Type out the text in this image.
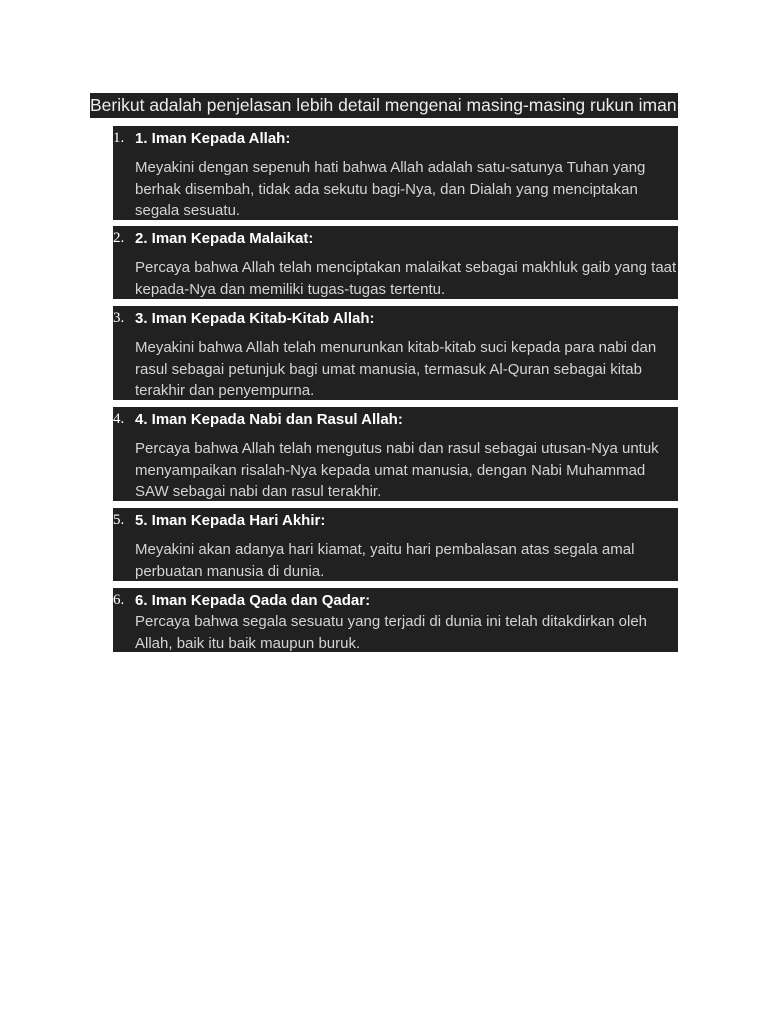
Berikut adalah penjelasan lebih detail mengenai masing-masing rukun iman:
1. 1. Iman Kepada Allah:
Meyakini dengan sepenuh hati bahwa Allah adalah satu-satunya Tuhan yang berhak disembah, tidak ada sekutu bagi-Nya, dan Dialah yang menciptakan segala sesuatu.
2. 2. Iman Kepada Malaikat:
Percaya bahwa Allah telah menciptakan malaikat sebagai makhluk gaib yang taat kepada-Nya dan memiliki tugas-tugas tertentu.
3. 3. Iman Kepada Kitab-Kitab Allah:
Meyakini bahwa Allah telah menurunkan kitab-kitab suci kepada para nabi dan rasul sebagai petunjuk bagi umat manusia, termasuk Al-Quran sebagai kitab terakhir dan penyempurna.
4. 4. Iman Kepada Nabi dan Rasul Allah:
Percaya bahwa Allah telah mengutus nabi dan rasul sebagai utusan-Nya untuk menyampaikan risalah-Nya kepada umat manusia, dengan Nabi Muhammad SAW sebagai nabi dan rasul terakhir.
5. 5. Iman Kepada Hari Akhir:
Meyakini akan adanya hari kiamat, yaitu hari pembalasan atas segala amal perbuatan manusia di dunia.
6. 6. Iman Kepada Qada dan Qadar:
Percaya bahwa segala sesuatu yang terjadi di dunia ini telah ditakdirkan oleh Allah, baik itu baik maupun buruk.
